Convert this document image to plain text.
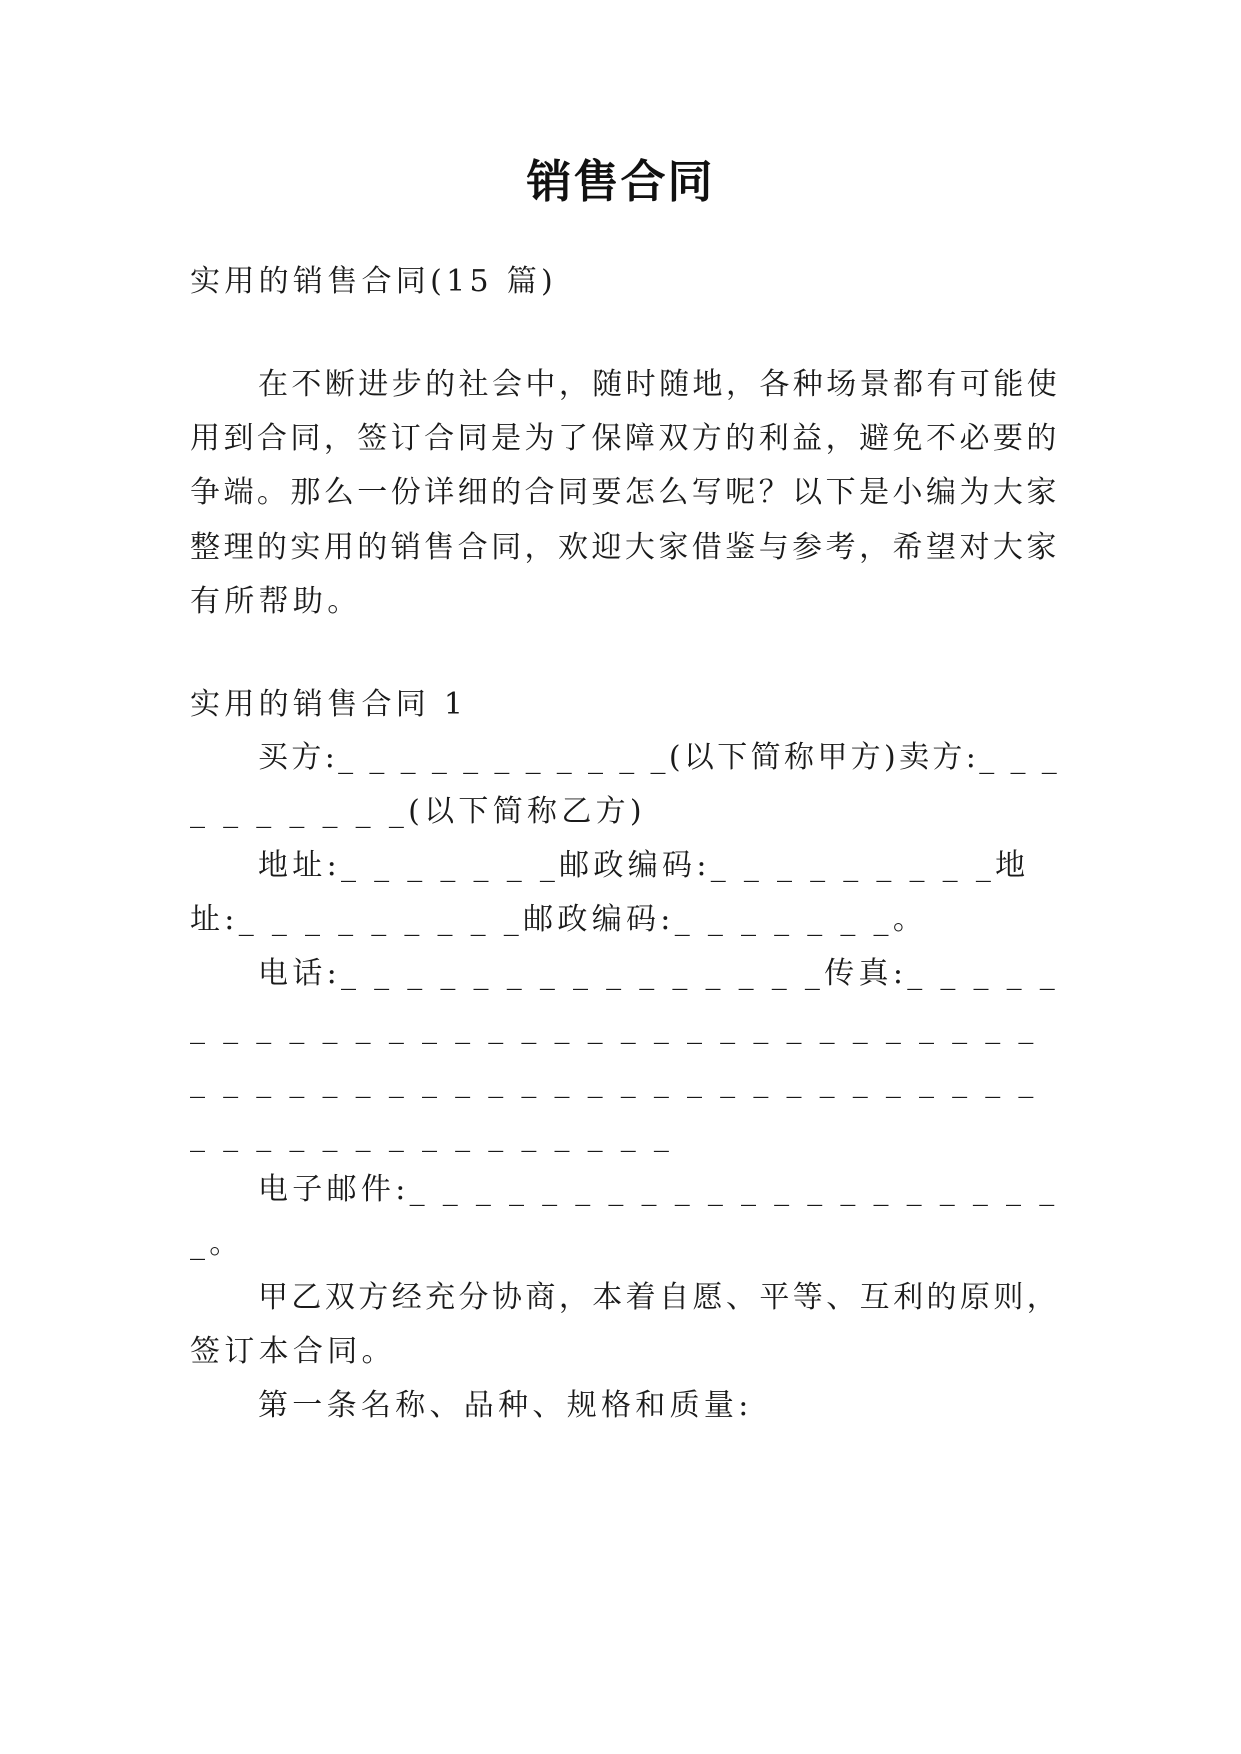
销售合同
实用的销售合同(15 篇)
在不断进步的社会中，随时随地，各种场景都有可能使
用到合同，签订合同是为了保障双方的利益，避免不必要的
争端。那么一份详细的合同要怎么写呢？以下是小编为大家
整理的实用的销售合同，欢迎大家借鉴与参考，希望对大家
有所帮助。
实用的销售合同 1
买方:_ _ _ _ _ _ _ _ _ _ _(以下简称甲方)卖方:_ _ _
_ _ _ _ _ _ _(以下简称乙方)
地址:_ _ _ _ _ _ _邮政编码:_ _ _ _ _ _ _ _ _地
址:_ _ _ _ _ _ _ _ _邮政编码:_ _ _ _ _ _ _。
电话:_ _ _ _ _ _ _ _ _ _ _ _ _ _ _传真:_ _ _ _ _
_ _ _ _ _ _ _ _ _ _ _ _ _ _ _ _ _ _ _ _ _ _ _ _ _ _
_ _ _ _ _ _ _ _ _ _ _ _ _ _ _ _ _ _ _ _ _ _ _ _ _ _
_ _ _ _ _ _ _ _ _ _ _ _ _ _ _
电子邮件:_ _ _ _ _ _ _ _ _ _ _ _ _ _ _ _ _ _ _ _
_。
甲乙双方经充分协商，本着自愿、平等、互利的原则，
签订本合同。
第一条名称、品种、规格和质量:
